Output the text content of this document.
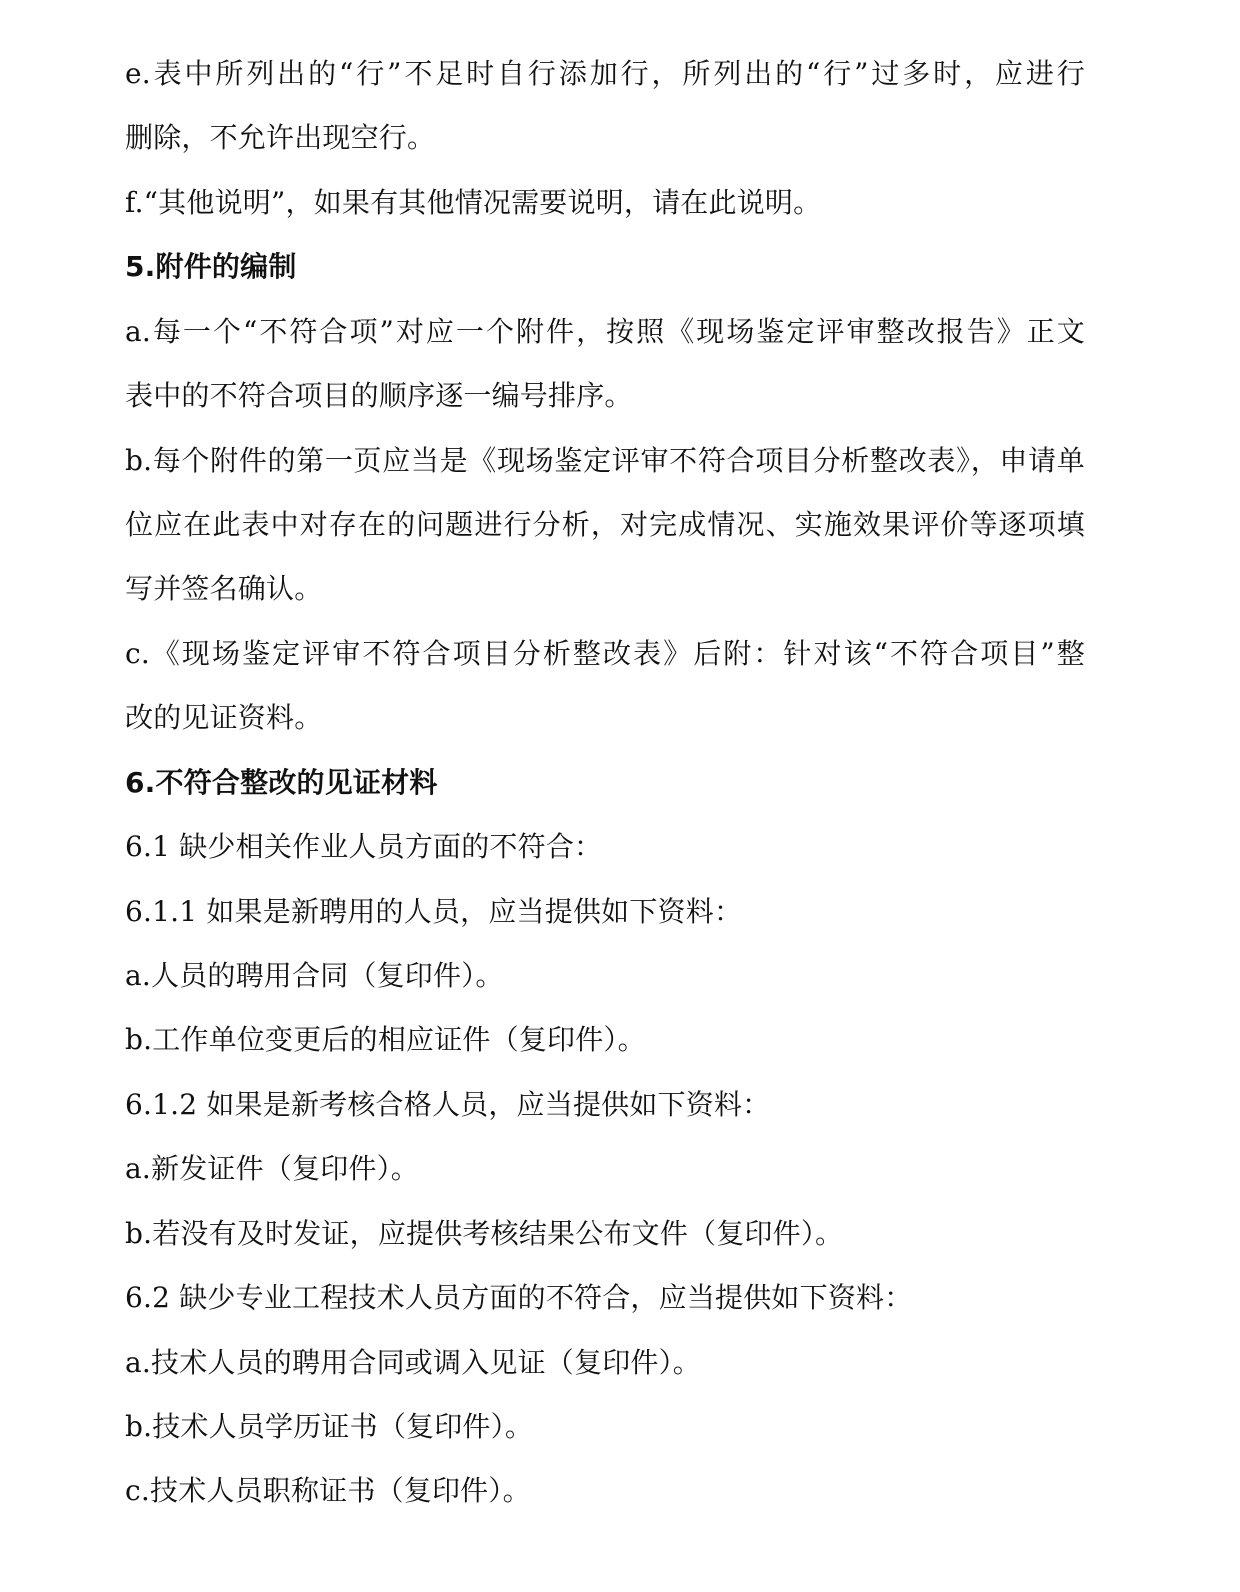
e.表中所列出的“行”不足时自行添加行，所列出的“行”过多时，应进行
删除，不允许出现空行。
f.“其他说明”，如果有其他情况需要说明，请在此说明。
5.附件的编制
a.每一个“不符合项”对应一个附件，按照《现场鉴定评审整改报告》正文
表中的不符合项目的顺序逐一编号排序。
b.每个附件的第一页应当是《现场鉴定评审不符合项目分析整改表》，申请单
位应在此表中对存在的问题进行分析，对完成情况、实施效果评价等逐项填
写并签名确认。
c.《现场鉴定评审不符合项目分析整改表》后附：针对该“不符合项目”整
改的见证资料。
6.不符合整改的见证材料
6.1 缺少相关作业人员方面的不符合：
6.1.1 如果是新聘用的人员，应当提供如下资料：
a.人员的聘用合同（复印件）。
b.工作单位变更后的相应证件（复印件）。
6.1.2 如果是新考核合格人员，应当提供如下资料：
a.新发证件（复印件）。
b.若没有及时发证，应提供考核结果公布文件（复印件）。
6.2 缺少专业工程技术人员方面的不符合，应当提供如下资料：
a.技术人员的聘用合同或调入见证（复印件）。
b.技术人员学历证书（复印件）。
c.技术人员职称证书（复印件）。
